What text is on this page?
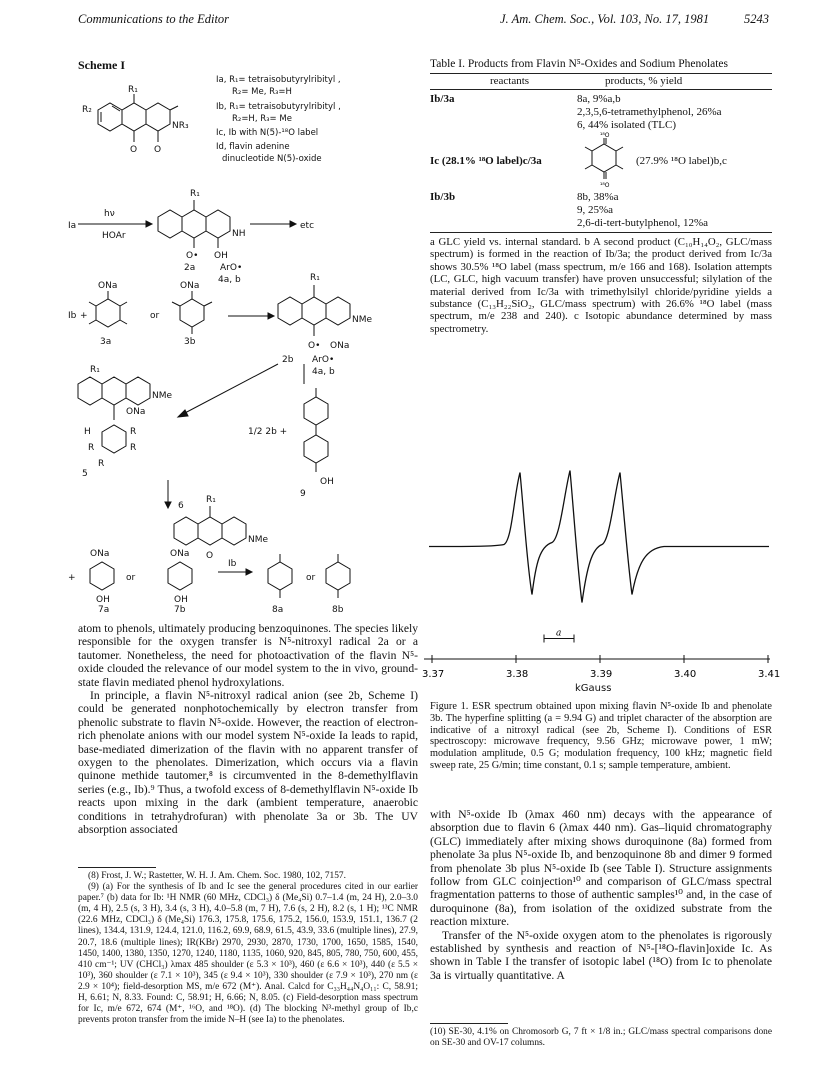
Communications to the Editor	J. Am. Chem. Soc., Vol. 103, No. 17, 1981	5243
Scheme I
R₁
R₂
NR₃
O O
Ia, R₁= tetraisobutyrylribityl ,
R₂= Me, R₃=H
Ib, R₁= tetraisobutyrylribityl ,
R₂=H, R₃= Me
Ic, Ib with N(5)-¹⁸O label
Id, flavin adenine
dinucleotide N(5)-oxide
Ia
hν
HOAr
R₁
NH
O• OH
etc
2a	ArO•
4a, b
ONa	ONa
Ib +	or
3a	3b
R₁
NMe
O• ONa
2b ArO•
4a, b
R₁
NMe
ONa
H	R
R	R
R
5
1/2 2b +
OH
9
R₁
NMe
O
6
ONa	ONa
+	or
Ib
or
OH	OH
7a	7b	8a	8b

atom to phenols, ultimately producing benzoquinones. The species likely responsible for the oxygen transfer is N⁵-nitroxyl radical 2a or a tautomer. Nonetheless, the need for photoactivation of the flavin N⁵-oxide clouded the relevance of our model system to the in vivo, ground-state flavin mediated phenol hydroxylations.

In principle, a flavin N⁵-nitroxyl radical anion (see 2b, Scheme I) could be generated nonphotochemically by electron transfer from phenolic substrate to flavin N⁵-oxide. However, the reaction of electron-rich phenolate anions with our model system N⁵-oxide Ia leads to rapid, base-mediated dimerization of the flavin with no apparent transfer of oxygen to the phenolates. Dimerization, which occurs via a flavin quinone methide tautomer,⁸ is circumvented in the 8-demethylflavin series (e.g., Ib).⁹ Thus, a twofold excess of 8-demethylflavin N⁵-oxide Ib reacts upon mixing in the dark (ambient temperature, anaerobic conditions in tetrahydrofuran) with phenolate 3a or 3b. The UV absorption associated

(8) Frost, J. W.; Rastetter, W. H. J. Am. Chem. Soc. 1980, 102, 7157.

(9) (a) For the synthesis of Ib and Ic see the general procedures cited in our earlier paper.⁷ (b) data for Ib: ¹H NMR (60 MHz, CDCl₃) δ (Me₄Si) 0.7–1.4 (m, 24 H), 2.0–3.0 (m, 4 H), 2.5 (s, 3 H), 3.4 (s, 3 H), 4.0–5.8 (m, 7 H), 7.6 (s, 2 H), 8.2 (s, 1 H); ¹³C NMR (22.6 MHz, CDCl₃) δ (Me₄Si) 176.3, 175.8, 175.6, 175.2, 156.0, 153.9, 151.1, 136.7 (2 lines), 134.4, 131.9, 124.4, 121.0, 116.2, 69.9, 68.9, 61.5, 43.9, 33.6 (multiple lines), 27.9, 20.7, 18.6 (multiple lines); IR(KBr) 2970, 2930, 2870, 1730, 1700, 1650, 1585, 1540, 1450, 1400, 1380, 1350, 1270, 1240, 1180, 1135, 1060, 920, 845, 805, 780, 750, 600, 455, 410 cm⁻¹; UV (CHCl₃) λmax 485 shoulder (ε 5.3 × 10³), 460 (ε 6.6 × 10³), 440 (ε 5.5 × 10³), 360 shoulder (ε 7.1 × 10³), 345 (ε 9.4 × 10³), 330 shoulder (ε 7.9 × 10³), 270 nm (ε 2.9 × 10⁴); field-desorption MS, m/e 672 (M⁺). Anal. Calcd for C₃₃H₄₄N₄O₁₁: C, 58.91; H, 6.61; N, 8.33. Found: C, 58.91; H, 6.66; N, 8.05. (c) Field-desorption mass spectrum for Ic, m/e 672, 674 (M⁺, ¹⁶O, and ¹⁸O). (d) The blocking N³-methyl group of Ib,c prevents proton transfer from the imide N–H (see Ia) to the phenolates.

Table I. Products from Flavin N⁵-Oxides and Sodium Phenolates
reactants	products, % yield
Ib/3a	8a, 9%a,b
2,3,5,6-tetramethylphenol, 26%a
6, 44% isolated (TLC)
¹⁸O
¹⁸O
Ic (28.1% ¹⁸O label)c/3a	(27.9% ¹⁸O label)b,c
Ib/3b	8b, 38%a
9, 25%a
2,6-di-tert-butylphenol, 12%a
a GLC yield vs. internal standard. b A second product (C₁₀H₁₄O₂, GLC/mass spectrum) is formed in the reaction of Ib/3a; the product derived from Ic/3a shows 30.5% ¹⁸O label (mass spectrum, m/e 166 and 168). Isolation attempts (LC, GLC, high vacuum transfer) have proven unsuccessful; silylation of the material derived from Ic/3a with trimethylsilyl chloride/pyridine yields a substance (C₁₃H₂₂SiO₂, GLC/mass spectrum) with 26.6% ¹⁸O label (mass spectrum, m/e 238 and 240). c Isotopic abundance determined by mass spectrometry.
a
3.37	3.38	3.39	3.40	3.41
kGauss
Figure 1. ESR spectrum obtained upon mixing flavin N⁵-oxide Ib and phenolate 3b. The hyperfine splitting (a = 9.94 G) and triplet character of the absorption are indicative of a nitroxyl radical (see 2b, Scheme I). Conditions of ESR spectroscopy: microwave frequency, 9.56 GHz; microwave power, 1 mW; modulation amplitude, 0.5 G; modulation frequency, 100 kHz; magnetic field sweep rate, 25 G/min; time constant, 0.1 s; sample temperature, ambient.

with N⁵-oxide Ib (λmax 460 nm) decays with the appearance of absorption due to flavin 6 (λmax 440 nm). Gas–liquid chromatography (GLC) immediately after mixing shows duroquinone (8a) formed from phenolate 3a plus N⁵-oxide Ib, and benzoquinone 8b and dimer 9 formed from phenolate 3b plus N⁵-oxide Ib (see Table I). Structure assignments follow from GLC coinjection¹⁰ and comparison of GLC/mass spectral fragmentation patterns to those of authentic samples¹⁰ and, in the case of duroquinone (8a), from isolation of the oxidized substrate from the reaction mixture.

Transfer of the N⁵-oxide oxygen atom to the phenolates is rigorously established by synthesis and reaction of N⁵-[¹⁸O-flavin]oxide Ic. As shown in Table I the transfer of isotopic label (¹⁸O) from Ic to phenolate 3a is virtually quantitative. A

(10) SE-30, 4.1% on Chromosorb G, 7 ft × 1/8 in.; GLC/mass spectral comparisons done on SE-30 and OV-17 columns.
